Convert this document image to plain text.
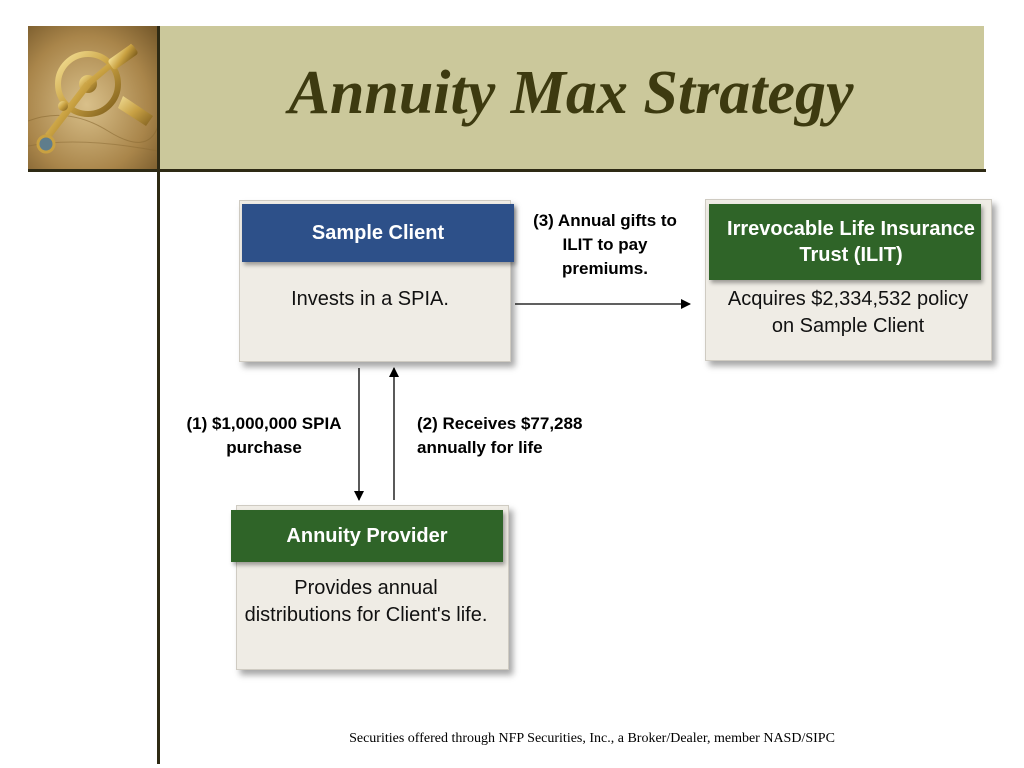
Annuity Max Strategy
Sample Client
Invests in a SPIA.
Irrevocable Life Insurance Trust (ILIT)
Acquires $2,334,532 policy on Sample Client
Annuity Provider
Provides annual distributions for Client's life.
(3) Annual gifts to ILIT to pay premiums.
(1) $1,000,000 SPIA purchase
(2) Receives $77,288 annually for life
Securities offered through NFP Securities, Inc., a Broker/Dealer, member NASD/SIPC
